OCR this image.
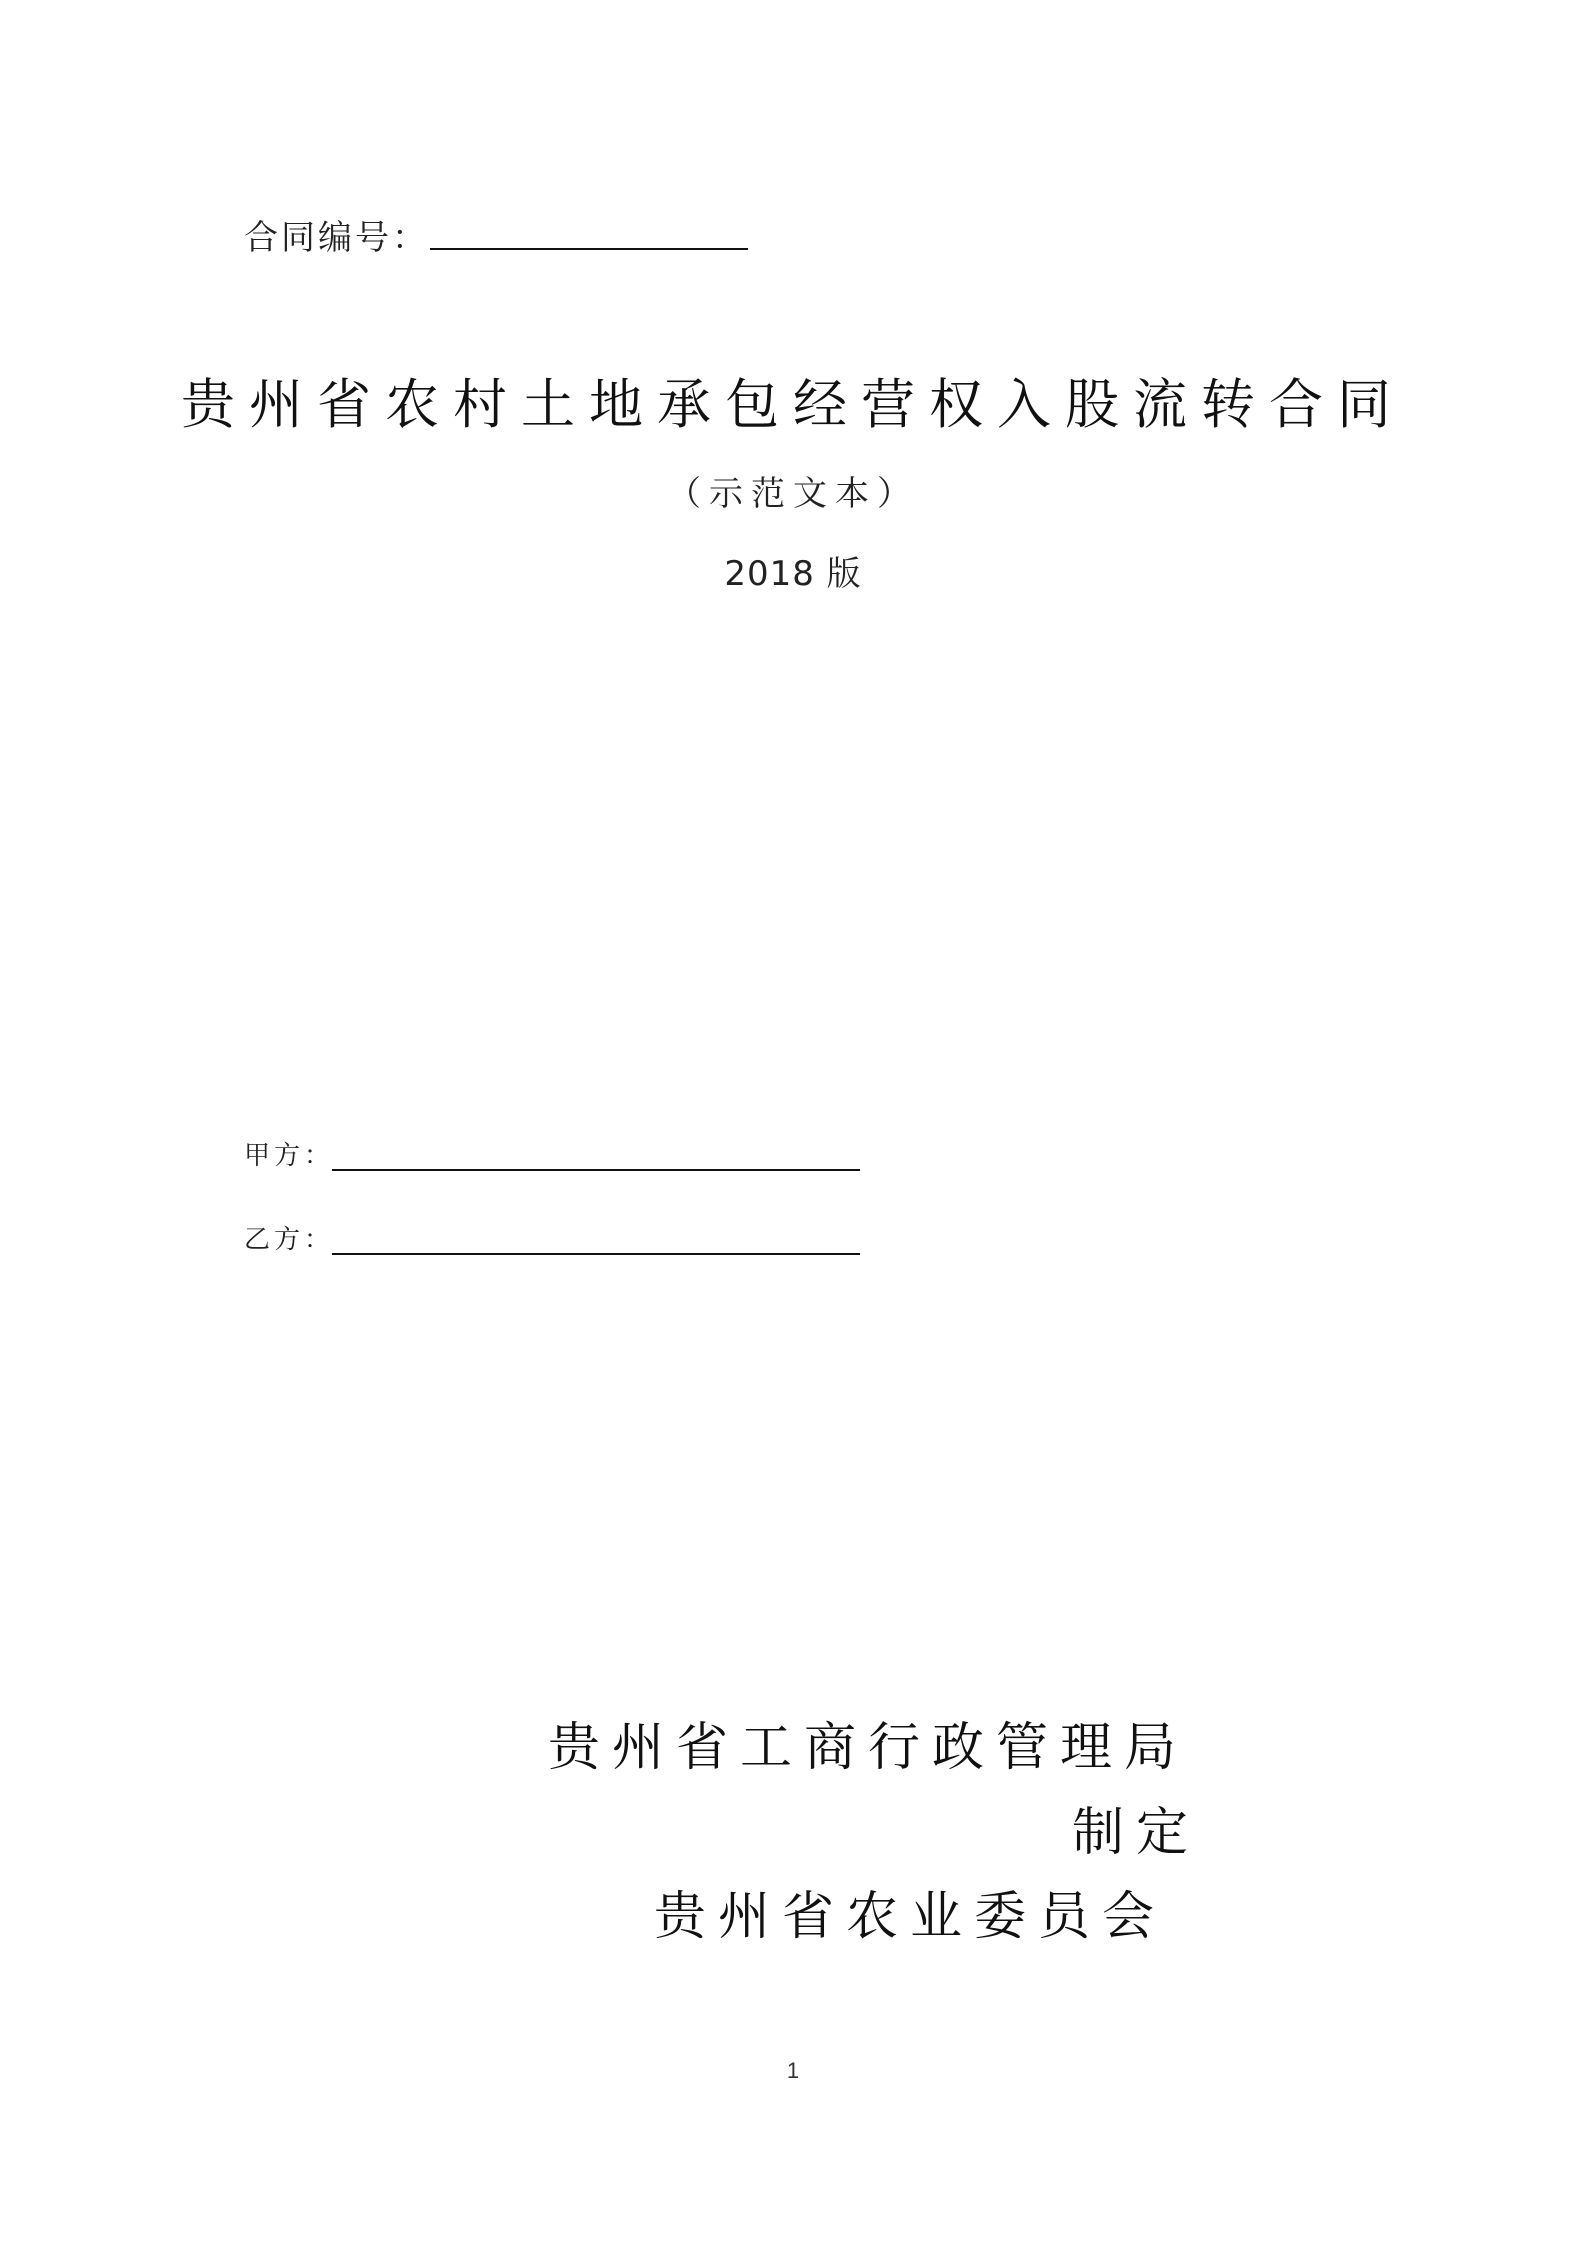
合同编号：
贵州省农村土地承包经营权入股流转合同
（示范文本）
2018 版
甲方：
乙方：
贵州省工商行政管理局
制定
贵州省农业委员会
1
